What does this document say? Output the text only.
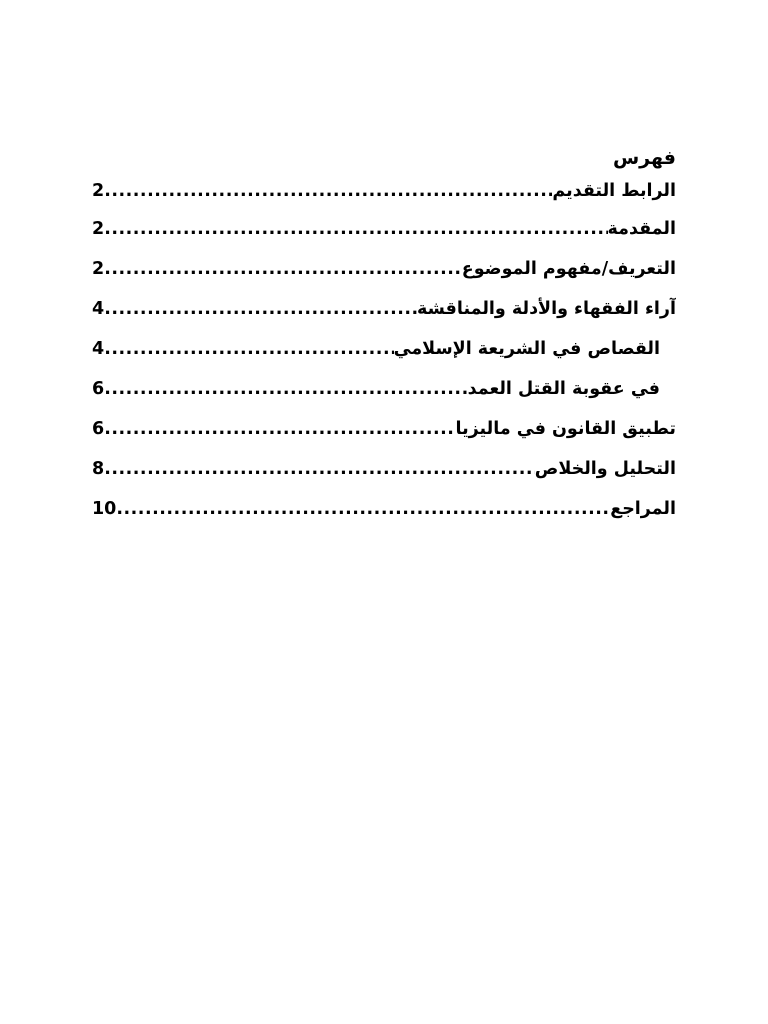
فهرس
الرابط التقديم
.....
2
المقدمة
.....
2
التعريف/مفهوم الموضوع
.....
2
آراء الفقهاء والأدلة والمناقشة
.....
4
القصاص في الشريعة الإسلامي
.....
4
في عقوبة القتل العمد
.....
6
تطبيق القانون في ماليزيا
.....
6
التحليل والخلاص
.....
8
المراجع
.....
10
